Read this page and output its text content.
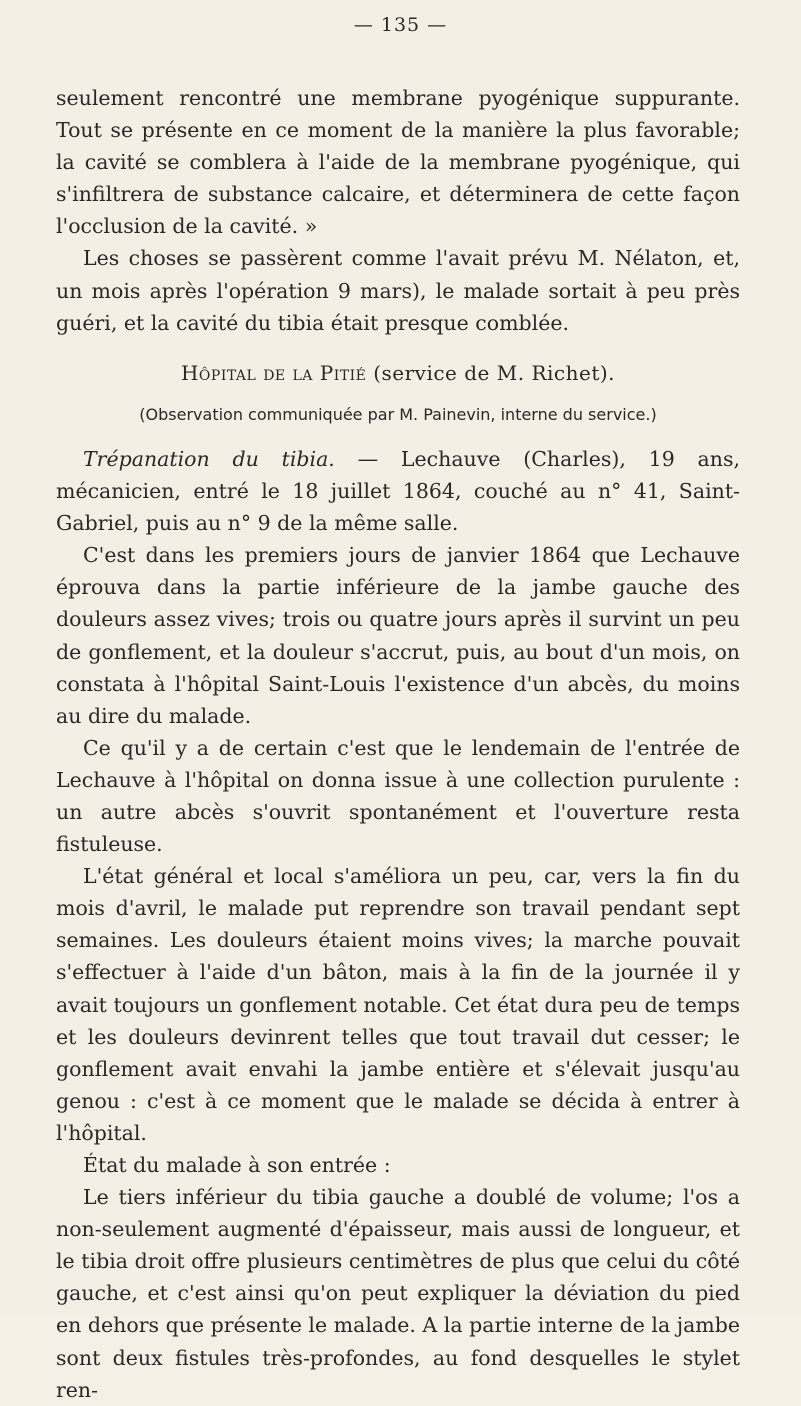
— 135 —

seulement rencontré une membrane pyogénique suppurante. Tout se présente en ce moment de la manière la plus favorable; la cavité se comblera à l'aide de la membrane pyogénique, qui s'infiltrera de substance calcaire, et déterminera de cette façon l'occlusion de la cavité. »

Les choses se passèrent comme l'avait prévu M. Nélaton, et, un mois après l'opération 9 mars), le malade sortait à peu près guéri, et la cavité du tibia était presque comblée.

Hôpital de la Pitié (service de M. Richet).

(Observation communiquée par M. Painevin, interne du service.)

Trépanation du tibia. — Lechauve (Charles), 19 ans, mécanicien, entré le 18 juillet 1864, couché au n° 41, Saint-Gabriel, puis au n° 9 de la même salle.

C'est dans les premiers jours de janvier 1864 que Lechauve éprouva dans la partie inférieure de la jambe gauche des douleurs assez vives; trois ou quatre jours après il survint un peu de gonflement, et la douleur s'accrut, puis, au bout d'un mois, on constata à l'hôpital Saint-Louis l'existence d'un abcès, du moins au dire du malade.

Ce qu'il y a de certain c'est que le lendemain de l'entrée de Lechauve à l'hôpital on donna issue à une collection purulente : un autre abcès s'ouvrit spontanément et l'ouverture resta fistuleuse.

L'état général et local s'améliora un peu, car, vers la fin du mois d'avril, le malade put reprendre son travail pendant sept semaines. Les douleurs étaient moins vives; la marche pouvait s'effectuer à l'aide d'un bâton, mais à la fin de la journée il y avait toujours un gonflement notable. Cet état dura peu de temps et les douleurs devinrent telles que tout travail dut cesser; le gonflement avait envahi la jambe entière et s'élevait jusqu'au genou : c'est à ce moment que le malade se décida à entrer à l'hôpital.

État du malade à son entrée :

Le tiers inférieur du tibia gauche a doublé de volume; l'os a non-seulement augmenté d'épaisseur, mais aussi de longueur, et le tibia droit offre plusieurs centimètres de plus que celui du côté gauche, et c'est ainsi qu'on peut expliquer la déviation du pied en dehors que présente le malade. A la partie interne de la jambe sont deux fistules très-profondes, au fond desquelles le stylet ren-
